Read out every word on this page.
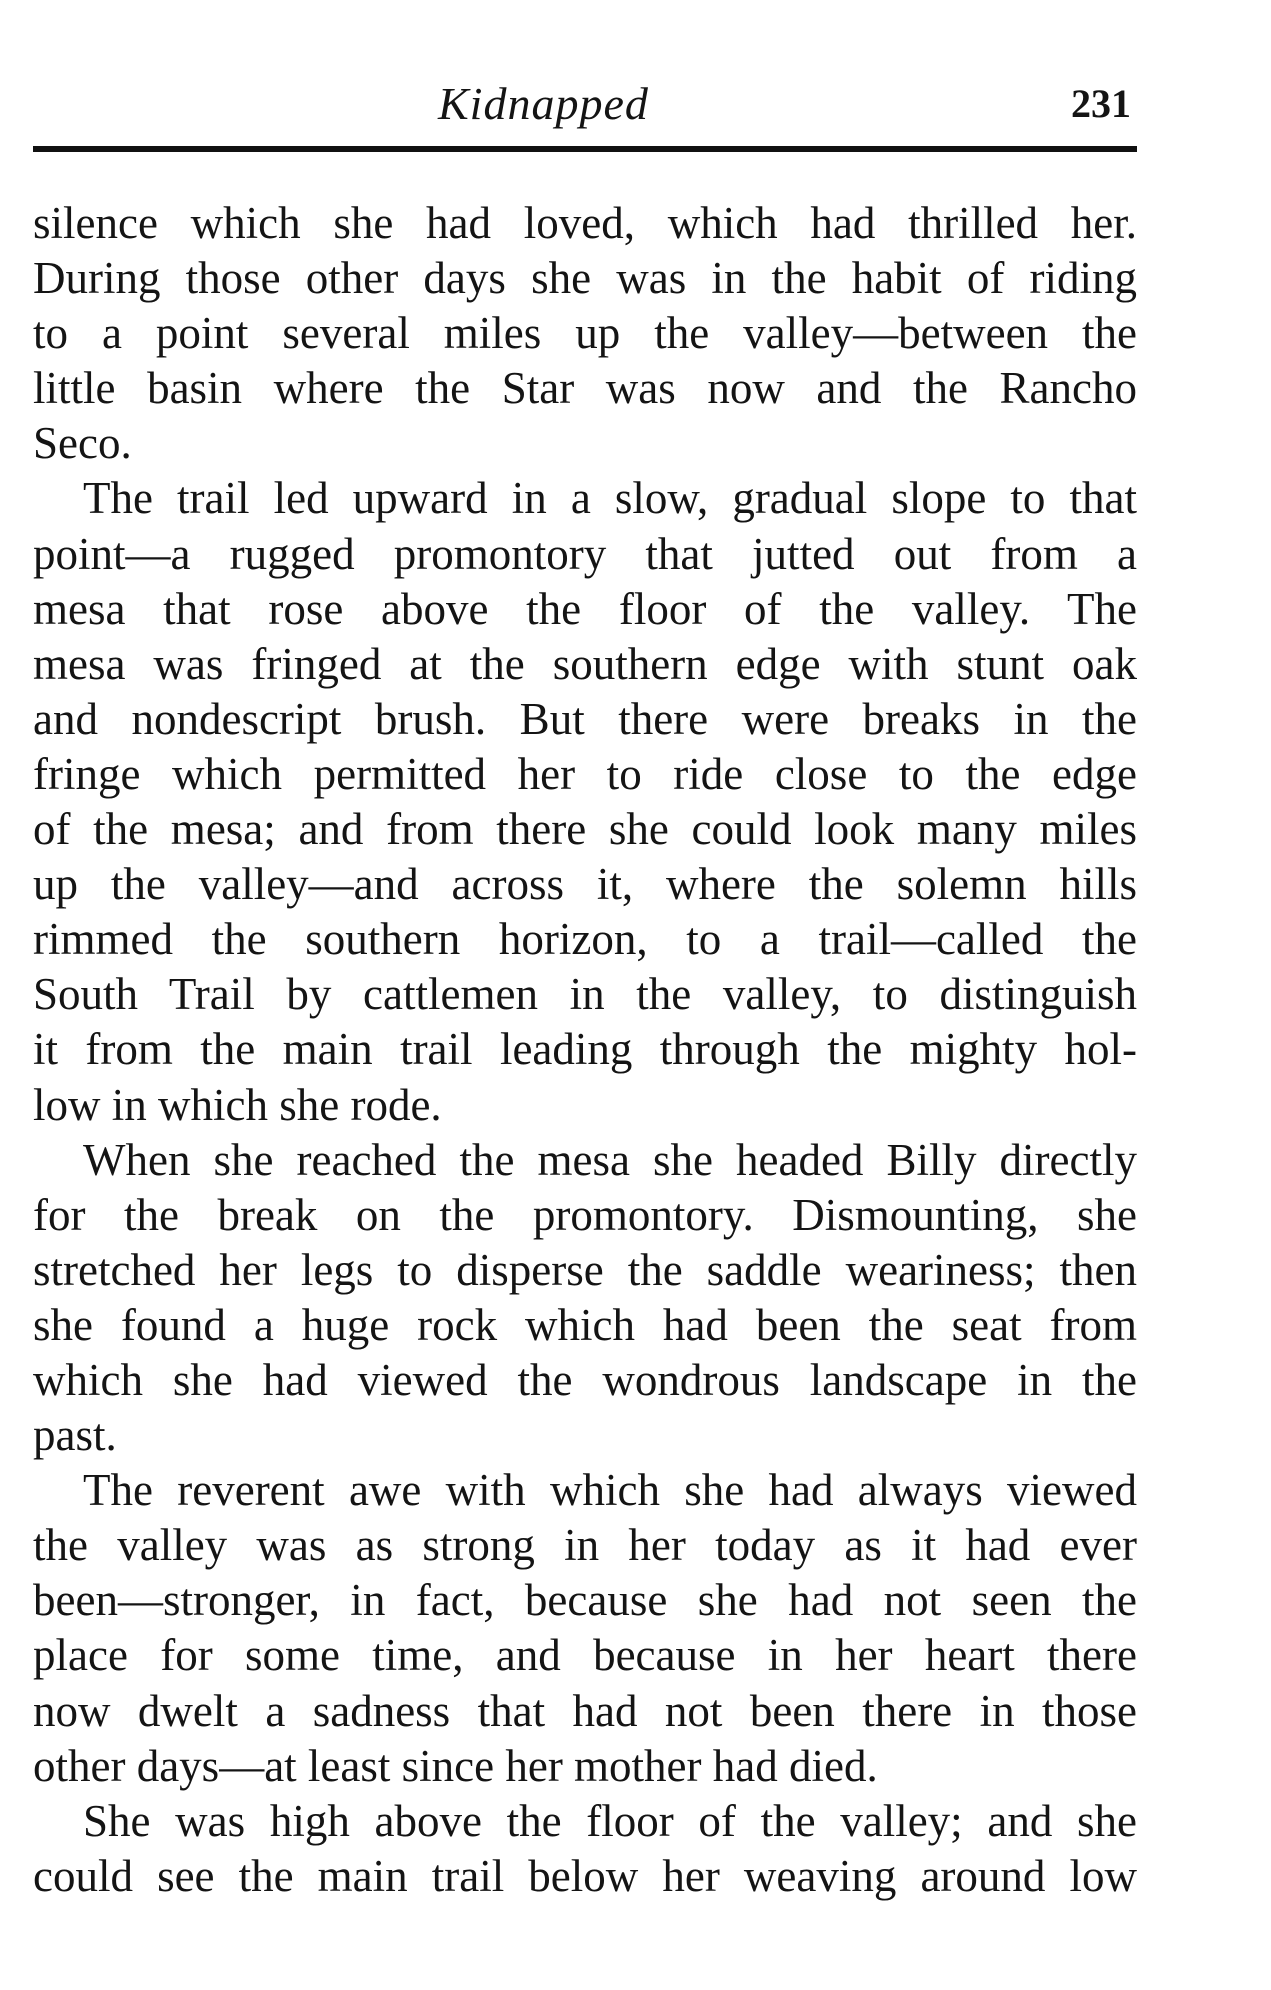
Kidnapped	231
silence which she had loved, which had thrilled her.
During those other days she was in the habit of riding
to a point several miles up the valley—between the
little basin where the Star was now and the Rancho
Seco.
The trail led upward in a slow, gradual slope to that
point—a rugged promontory that jutted out from a
mesa that rose above the floor of the valley. The
mesa was fringed at the southern edge with stunt oak
and nondescript brush. But there were breaks in the
fringe which permitted her to ride close to the edge
of the mesa; and from there she could look many miles
up the valley—and across it, where the solemn hills
rimmed the southern horizon, to a trail—called the
South Trail by cattlemen in the valley, to distinguish
it from the main trail leading through the mighty hol-
low in which she rode.
When she reached the mesa she headed Billy directly
for the break on the promontory. Dismounting, she
stretched her legs to disperse the saddle weariness; then
she found a huge rock which had been the seat from
which she had viewed the wondrous landscape in the
past.
The reverent awe with which she had always viewed
the valley was as strong in her today as it had ever
been—stronger, in fact, because she had not seen the
place for some time, and because in her heart there
now dwelt a sadness that had not been there in those
other days—at least since her mother had died.
She was high above the floor of the valley; and she
could see the main trail below her weaving around low
